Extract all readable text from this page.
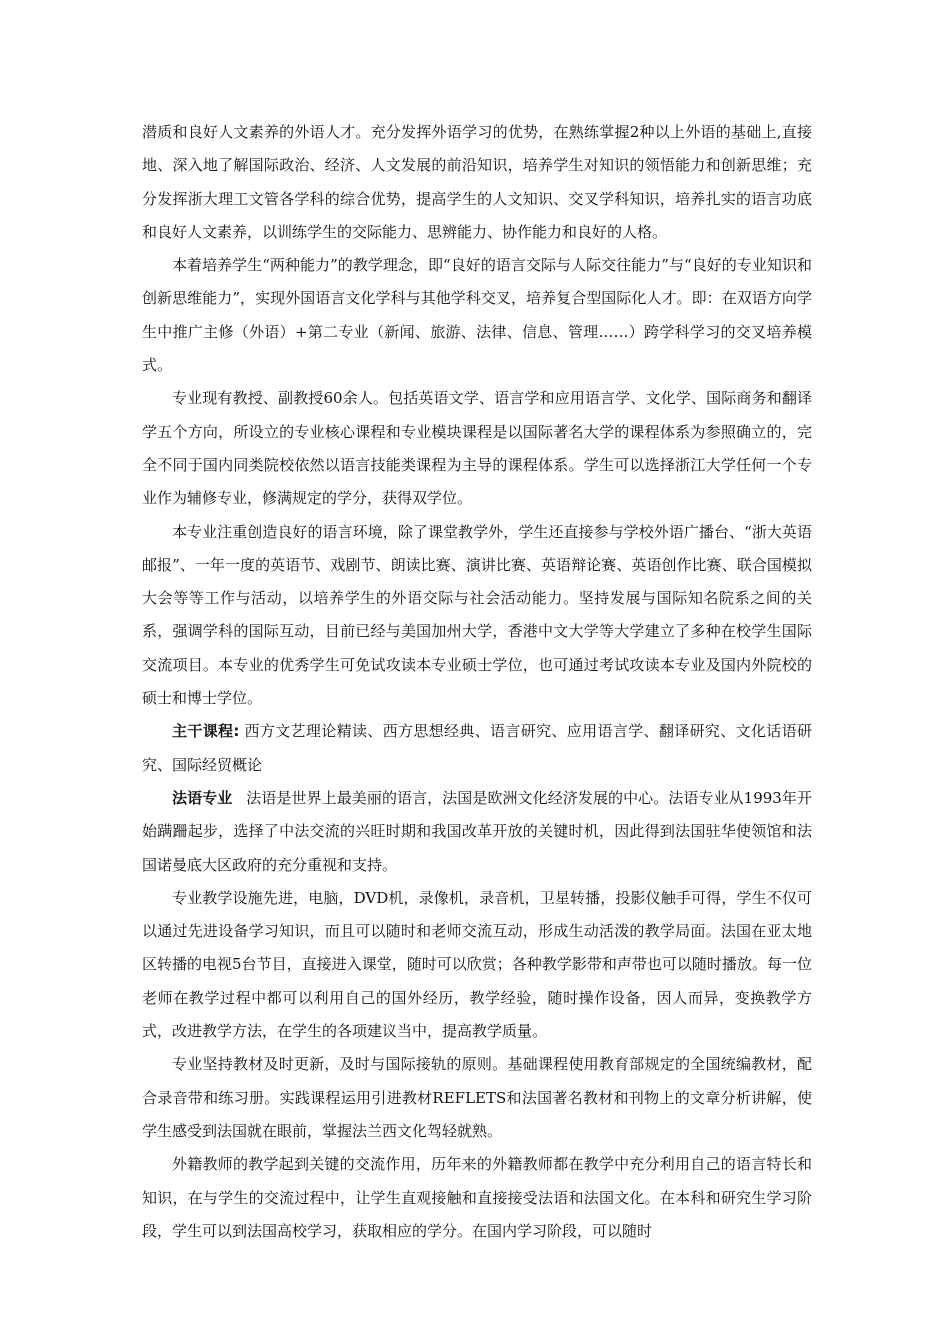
潜质和良好人文素养的外语人才。充分发挥外语学习的优势，在熟练掌握2种以上外语的基础上,直接地、深入地了解国际政治、经济、人文发展的前沿知识，培养学生对知识的领悟能力和创新思维；充分发挥浙大理工文管各学科的综合优势，提高学生的人文知识、交叉学科知识，培养扎实的语言功底和良好人文素养，以训练学生的交际能力、思辨能力、协作能力和良好的人格。

本着培养学生“两种能力”的教学理念，即“良好的语言交际与人际交往能力”与“良好的专业知识和创新思维能力”，实现外国语言文化学科与其他学科交叉，培养复合型国际化人才。即：在双语方向学生中推广主修（外语）+第二专业（新闻、旅游、法律、信息、管理……）跨学科学习的交叉培养模式。

专业现有教授、副教授60余人。包括英语文学、语言学和应用语言学、文化学、国际商务和翻译学五个方向，所设立的专业核心课程和专业模块课程是以国际著名大学的课程体系为参照确立的，完全不同于国内同类院校依然以语言技能类课程为主导的课程体系。学生可以选择浙江大学任何一个专业作为辅修专业，修满规定的学分，获得双学位。

本专业注重创造良好的语言环境，除了课堂教学外，学生还直接参与学校外语广播台、“浙大英语邮报”、一年一度的英语节、戏剧节、朗读比赛、演讲比赛、英语辩论赛、英语创作比赛、联合国模拟大会等等工作与活动，以培养学生的外语交际与社会活动能力。坚持发展与国际知名院系之间的关系，强调学科的国际互动，目前已经与美国加州大学，香港中文大学等大学建立了多种在校学生国际交流项目。本专业的优秀学生可免试攻读本专业硕士学位，也可通过考试攻读本专业及国内外院校的硕士和博士学位。

主干课程: 西方文艺理论精读、西方思想经典、语言研究、应用语言学、翻译研究、文化话语研究、国际经贸概论

法语专业 法语是世界上最美丽的语言，法国是欧洲文化经济发展的中心。法语专业从1993年开始蹒跚起步，选择了中法交流的兴旺时期和我国改革开放的关键时机，因此得到法国驻华使领馆和法国诺曼底大区政府的充分重视和支持。

专业教学设施先进，电脑，DVD机，录像机，录音机，卫星转播，投影仪触手可得，学生不仅可以通过先进设备学习知识，而且可以随时和老师交流互动，形成生动活泼的教学局面。法国在亚太地区转播的电视5台节目，直接进入课堂，随时可以欣赏；各种教学影带和声带也可以随时播放。每一位老师在教学过程中都可以利用自己的国外经历，教学经验，随时操作设备，因人而异，变换教学方式，改进教学方法，在学生的各项建议当中，提高教学质量。

专业坚持教材及时更新，及时与国际接轨的原则。基础课程使用教育部规定的全国统编教材，配合录音带和练习册。实践课程运用引进教材REFLETS和法国著名教材和刊物上的文章分析讲解，使学生感受到法国就在眼前，掌握法兰西文化驾轻就熟。

外籍教师的教学起到关键的交流作用，历年来的外籍教师都在教学中充分利用自己的语言特长和知识，在与学生的交流过程中，让学生直观接触和直接接受法语和法国文化。在本科和研究生学习阶段，学生可以到法国高校学习，获取相应的学分。在国内学习阶段，可以随时
